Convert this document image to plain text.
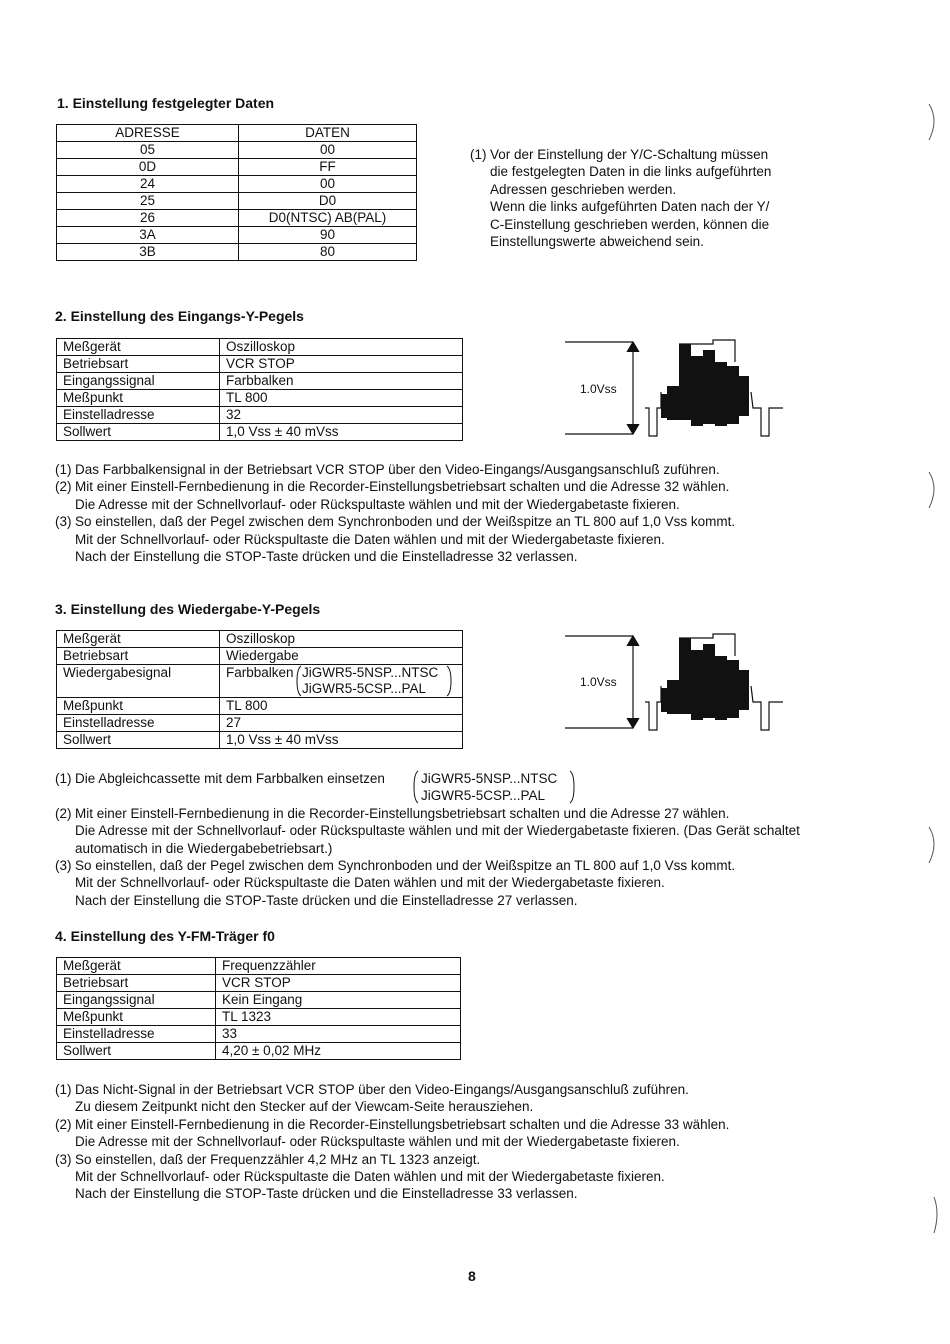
1. Einstellung festgelegter Daten
ADRESSE	DATEN
05	00
0D	FF
24	00
25	D0
26	D0(NTSC) AB(PAL)
3A	90
3B	80
(1) Vor der Einstellung der Y/C-Schaltung müssen

die festgelegten Daten in die links aufgeführten

Adressen geschrieben werden.

Wenn die links aufgeführten Daten nach der Y/

C-Einstellung geschrieben werden, können die

Einstellungswerte abweichend sein.

2. Einstellung des Eingangs-Y-Pegels
Meßgerät	Oszilloskop
Betriebsart	VCR STOP
Eingangssignal	Farbbalken
Meßpunkt	TL 800
Einstelladresse	32
Sollwert	1,0 Vss ± 40 mVss
1.0Vss

(1) Das Farbbalkensignal in der Betriebsart VCR STOP über den Video-Eingangs/AusgangsanschIuß zuführen.

(2) Mit einer Einstell-Fernbedienung in die Recorder-Einstellungsbetriebsart schalten und die Adresse 32 wählen.

Die Adresse mit der Schnellvorlauf- oder Rückspultaste wählen und mit der Wiedergabetaste fixieren.

(3) So einstellen, daß der Pegel zwischen dem Synchronboden und der Weißspitze an TL 800 auf 1,0 Vss kommt.

Mit der Schnellvorlauf- oder Rückspultaste die Daten wählen und mit der Wiedergabetaste fixieren.

Nach der Einstellung die STOP-Taste drücken und die Einstelladresse 32 verlassen.

3. Einstellung des Wiedergabe-Y-Pegels
Meßgerät	Oszilloskop
Betriebsart	Wiedergabe
Wiedergabesignal	Farbbalken JiGWR5-5NSP...NTSC
JiGWR5-5CSP...PAL

Meßpunkt	TL 800
Einstelladresse	27
Sollwert	1,0 Vss ± 40 mVss
1.0Vss

(1) Die Abgleichcassette mit dem Farbbalken einsetzen	JiGWR5-5NSP...NTSC
JiGWR5-5CSP...PAL

(2) Mit einer Einstell-Fernbedienung in die Recorder-Einstellungsbetriebsart schalten und die Adresse 27 wählen.

Die Adresse mit der Schnellvorlauf- oder Rückspultaste wählen und mit der Wiedergabetaste fixieren. (Das Gerät schaltet

automatisch in die Wiedergabebetriebsart.)

(3) So einstellen, daß der Pegel zwischen dem Synchronboden und der Weißspitze an TL 800 auf 1,0 Vss kommt.

Mit der Schnellvorlauf- oder Rückspultaste die Daten wählen und mit der Wiedergabetaste fixieren.

Nach der Einstellung die STOP-Taste drücken und die Einstelladresse 27 verlassen.

4. Einstellung des Y-FM-Träger f0
Meßgerät	Frequenzzähler
Betriebsart	VCR STOP
Eingangssignal	Kein Eingang
Meßpunkt	TL 1323
Einstelladresse	33
Sollwert	4,20 ± 0,02 MHz

(1) Das Nicht-Signal in der Betriebsart VCR STOP über den Video-Eingangs/Ausgangsanschluß zuführen.

Zu diesem Zeitpunkt nicht den Stecker auf der Viewcam-Seite herausziehen.

(2) Mit einer Einstell-Fernbedienung in die Recorder-Einstellungsbetriebsart schalten und die Adresse 33 wählen.

Die Adresse mit der Schnellvorlauf- oder Rückspultaste wählen und mit der Wiedergabetaste fixieren.

(3) So einstellen, daß der Frequenzzähler 4,2 MHz an TL 1323 anzeigt.

Mit der Schnellvorlauf- oder Rückspultaste die Daten wählen und mit der Wiedergabetaste fixieren.

Nach der Einstellung die STOP-Taste drücken und die Einstelladresse 33 verlassen.

8
